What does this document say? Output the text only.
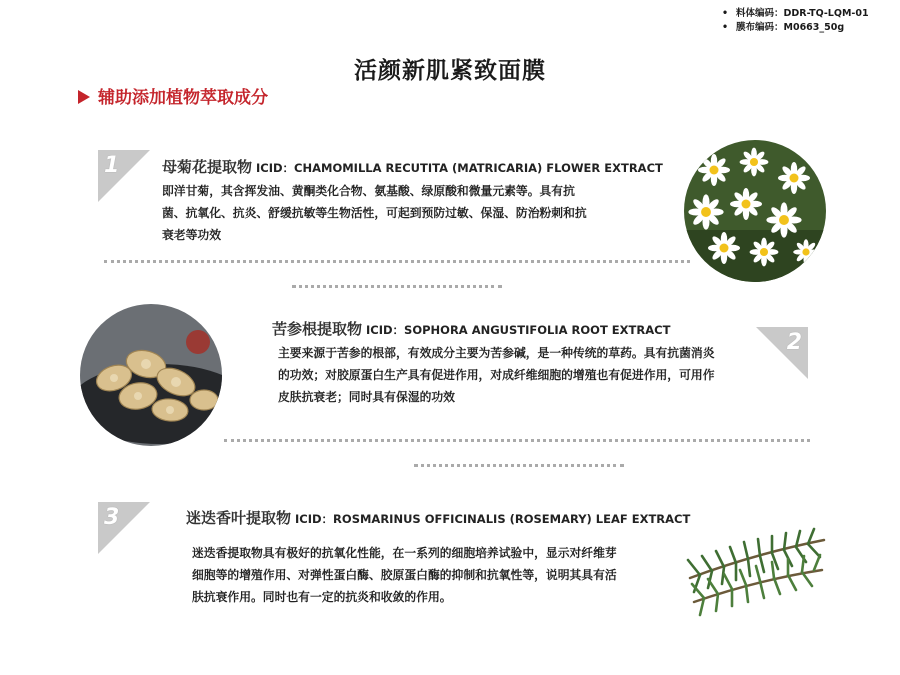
• 料体编码：DDR-TQ-LQM-01
• 膜布编码：M0663_50g
活颜新肌紧致面膜
辅助添加植物萃取成分
1	母菊花提取物 ICID：CHAMOMILLA RECUTITA (MATRICARIA) FLOWER EXTRACT
即洋甘菊，其含挥发油、黄酮类化合物、氨基酸、绿原酸和微量元素等。具有抗
菌、抗氧化、抗炎、舒缓抗敏等生物活性，可起到预防过敏、保湿、防治粉刺和抗
衰老等功效
苦参根提取物 ICID：SOPHORA ANGUSTIFOLIA ROOT EXTRACT
主要来源于苦参的根部，有效成分主要为苦参碱，是一种传统的草药。具有抗菌消炎
的功效；对胶原蛋白生产具有促进作用，对成纤维细胞的增殖也有促进作用，可用作
皮肤抗衰老；同时具有保湿的功效
2
3	迷迭香叶提取物 ICID：ROSMARINUS OFFICINALIS (ROSEMARY) LEAF EXTRACT
迷迭香提取物具有极好的抗氧化性能，在一系列的细胞培养试验中，显示对纤维芽
细胞等的增殖作用、对弹性蛋白酶、胶原蛋白酶的抑制和抗氧性等，说明其具有活
肤抗衰作用。同时也有一定的抗炎和收敛的作用。
